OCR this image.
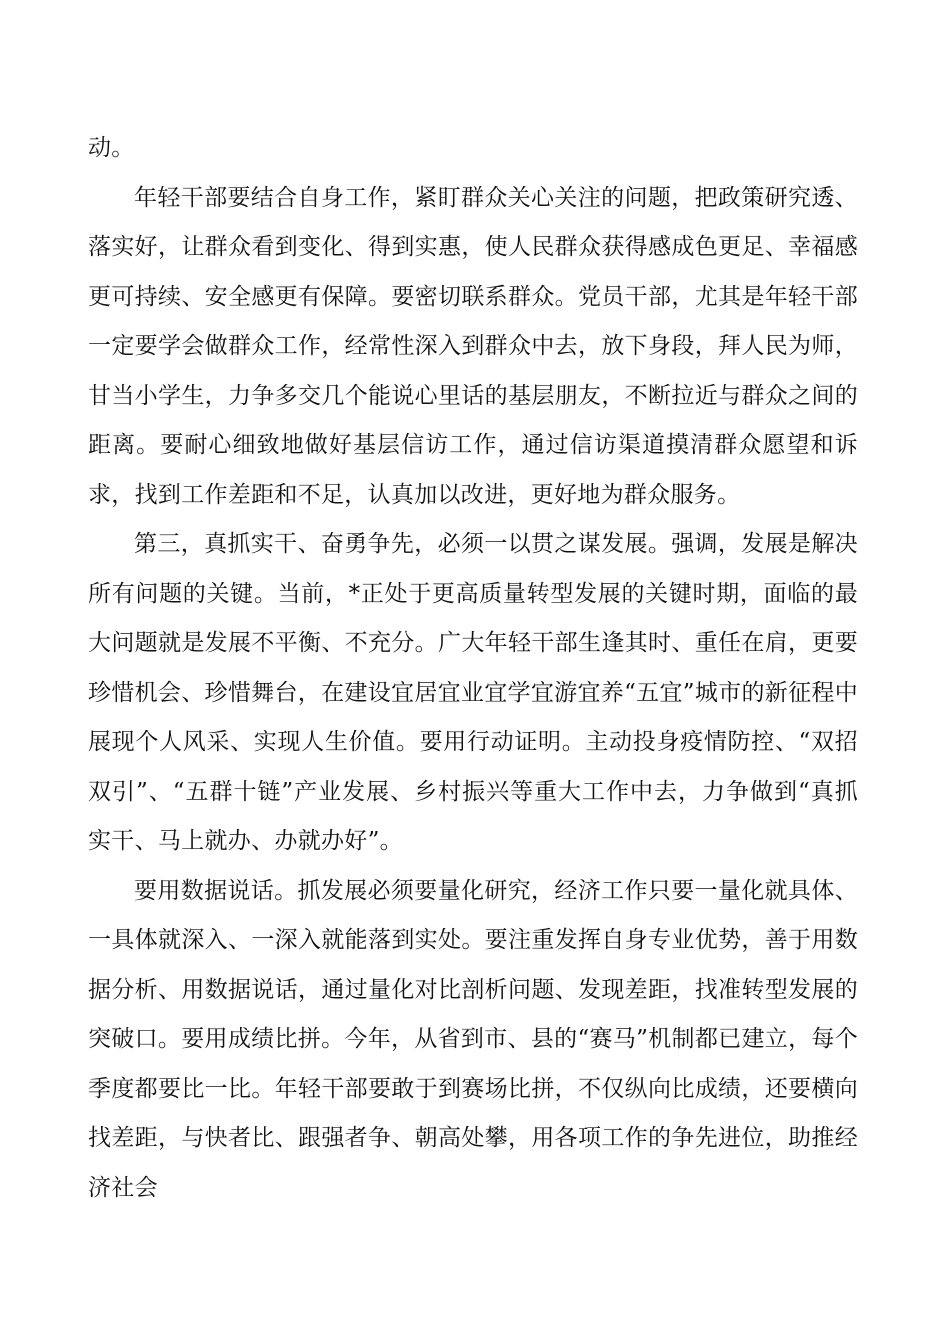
动。

年轻干部要结合自身工作，紧盯群众关心关注的问题，把政策研究透、落实好，让群众看到变化、得到实惠，使人民群众获得感成色更足、幸福感更可持续、安全感更有保障。要密切联系群众。党员干部，尤其是年轻干部一定要学会做群众工作，经常性深入到群众中去，放下身段，拜人民为师，甘当小学生，力争多交几个能说心里话的基层朋友，不断拉近与群众之间的距离。要耐心细致地做好基层信访工作，通过信访渠道摸清群众愿望和诉求，找到工作差距和不足，认真加以改进，更好地为群众服务。

第三，真抓实干、奋勇争先，必须一以贯之谋发展。强调，发展是解决所有问题的关键。当前，*正处于更高质量转型发展的关键时期，面临的最大问题就是发展不平衡、不充分。广大年轻干部生逢其时、重任在肩，更要珍惜机会、珍惜舞台，在建设宜居宜业宜学宜游宜养“五宜”城市的新征程中展现个人风采、实现人生价值。要用行动证明。主动投身疫情防控、“双招双引”、“五群十链”产业发展、乡村振兴等重大工作中去，力争做到“真抓实干、马上就办、办就办好”。

要用数据说话。抓发展必须要量化研究，经济工作只要一量化就具体、一具体就深入、一深入就能落到实处。要注重发挥自身专业优势，善于用数据分析、用数据说话，通过量化对比剖析问题、发现差距，找准转型发展的突破口。要用成绩比拼。今年，从省到市、县的“赛马”机制都已建立，每个季度都要比一比。年轻干部要敢于到赛场比拼，不仅纵向比成绩，还要横向找差距，与快者比、跟强者争、朝高处攀，用各项工作的争先进位，助推经济社会
